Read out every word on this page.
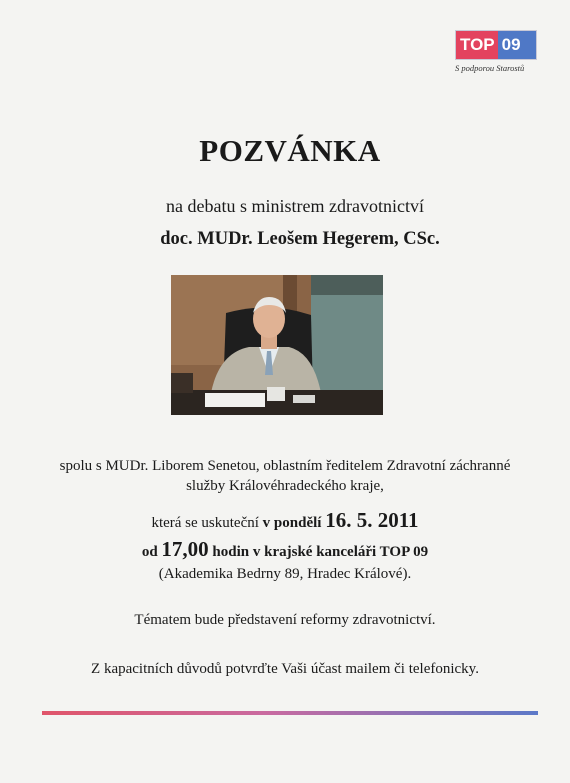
TOP 09
S podporou Starostů
POZVÁNKA
na debatu s ministrem zdravotnictví
doc. MUDr. Leošem Hegerem, CSc.
spolu s MUDr. Liborem Senetou, oblastním ředitelem Zdravotní záchranné
služby Královéhradeckého kraje,
která se uskuteční v pondělí 16. 5. 2011
od 17,00 hodin v krajské kanceláři TOP 09
(Akademika Bedrny 89, Hradec Králové).
Tématem bude představení reformy zdravotnictví.
Z kapacitních důvodů potvrďte Vaši účast mailem či telefonicky.
